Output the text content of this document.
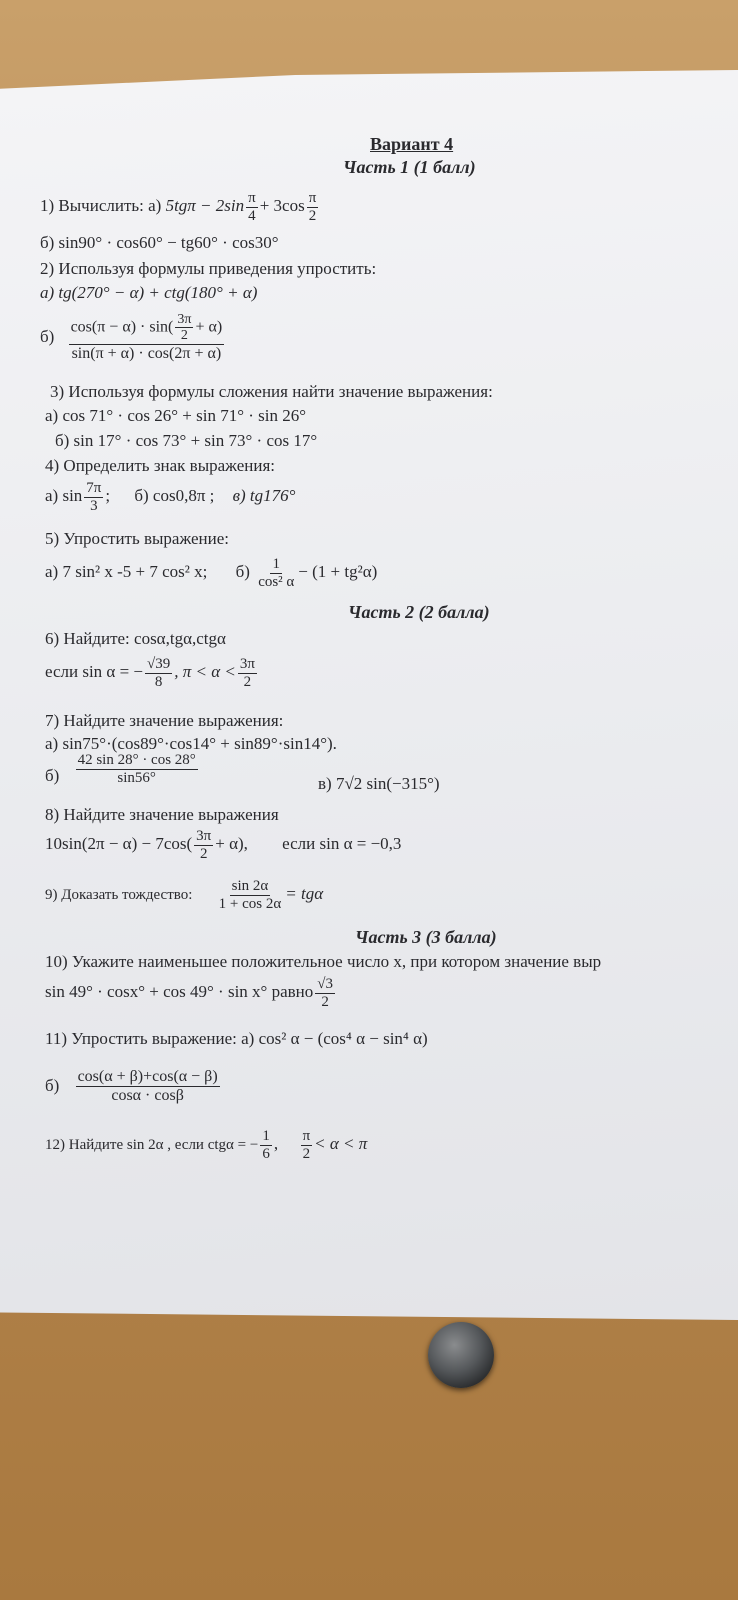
Вариант 4
Часть 1 (1 балл)
1) Вычислить: а) $5tg\pi - 2\sin \frac{\pi}{4} + 3\cos \frac{\pi}{2}$
б) sin90° · cos60° − tg60° · cos30°
2) Используя формулы приведения упростить:
а) tg(270° − α) + ctg(180° + α)
$б) \frac{\cos(\pi - \alpha) \cdot \sin( \frac{3\pi}{2} + \alpha)}{\sin(\pi + \alpha) \cdot \cos(2\pi + \alpha)}$
3) Используя формулы сложения найти значение выражения:
а) cos 71° · cos 26° + sin 71° · sin 26°
б) sin 17° · cos 73° + sin 73° · cos 17°
4) Определить знак выражения:
а) $\sin \frac{7\pi}{3}$ ; б) cos0,8π ; в) tg176°
5) Упростить выражение:
а) 7 sin² x -5 + 7 cos² x; $б) \frac{1}{\text{cos² α}} - (1 + tg^2\alpha)$
Часть 2 (2 балла)
6) Найдите: cosα,tgα,ctgα
если sin α = − $\frac{√39}{8}$ , $\pi < \alpha < \frac{3\pi}{2}$
7) Найдите значение выражения:
а) sin75°·(cos89°·cos14° + sin89°·sin14°).
$б) \frac{42 \sin 28^\circ \cdot \cos 28^\circ}{\sin 56^\circ}$	в) 7√2 sin(−315°)
8) Найдите значение выражения
$10\sin(2\pi - \alpha) - 7\cos( \frac{3\pi}{2} + \alpha)$, если sin α = −0,3
9) Доказать тождество: $\frac{\sin 2\alpha}{1 + \cos 2\alpha} = tg\alpha$
Часть 3 (3 балла)
10) Укажите наименьшее положительное число x, при котором значение выр
sin 49° · cosx° + cos 49° · sin x° равно $\frac{√3}{2}$
11) Упростить выражение: а) cos² α − (cos⁴ α − sin⁴ α)
$б) \frac{\cos(\alpha + \beta)+\cos(\alpha - \beta)}{\cos\alpha \cdot \cos\beta}$
12) Найдите sin 2α , если ctgα = − $\frac{1}{6}$ , $\frac{\pi}{2} < \alpha < \pi$
